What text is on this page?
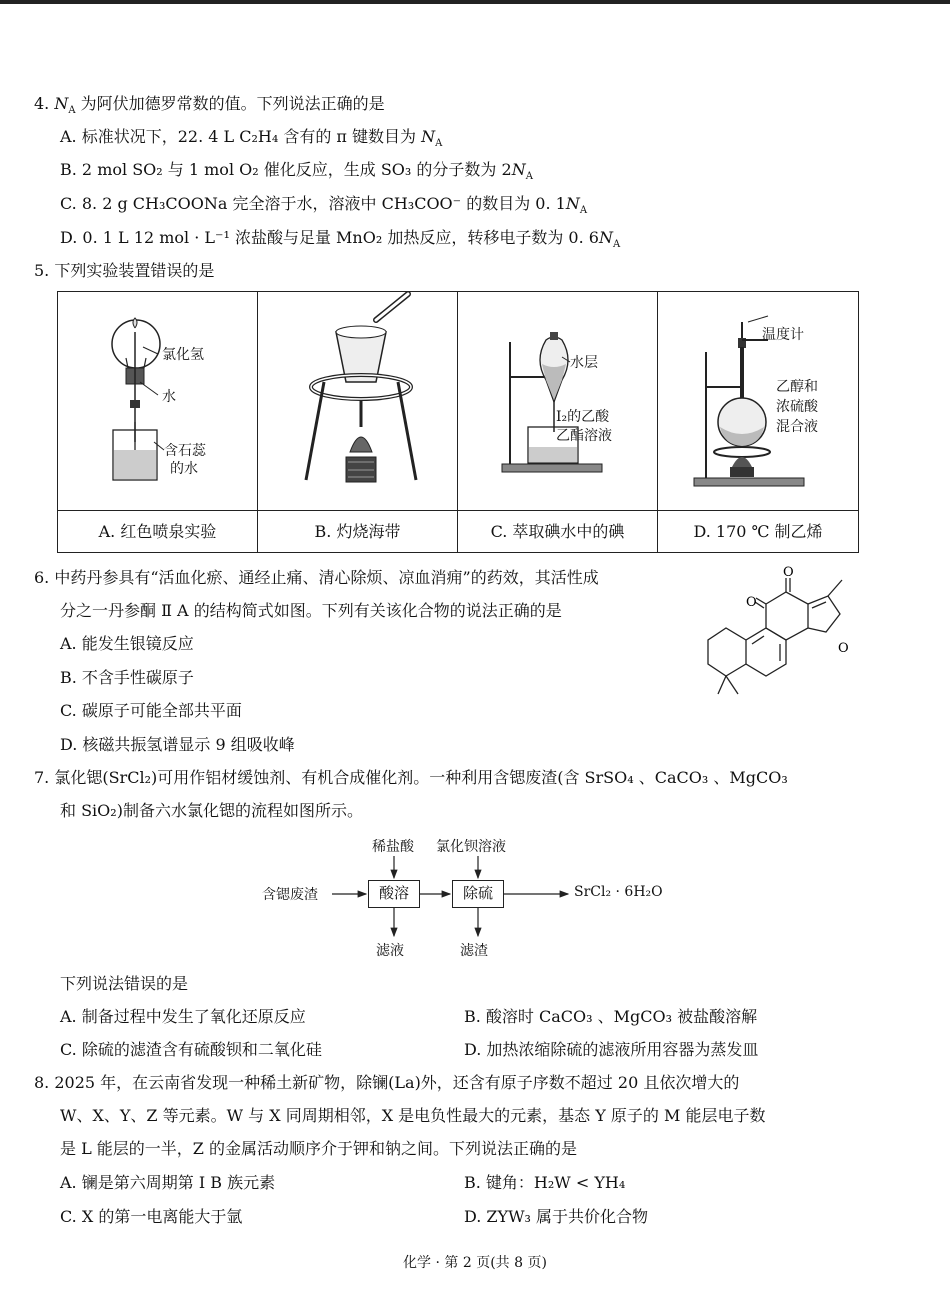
4. $N_A$ 为阿伏加德罗常数的值。下列说法正确的是
A. 标准状况下，22. 4 L C₂H₄ 含有的 π 键数目为 $N_A$
B. 2 mol SO₂ 与 1 mol O₂ 催化反应，生成 SO₃ 的分子数为 $2N_A$
C. 8. 2 g CH₃COONa 完全溶于水，溶液中 CH₃COO⁻ 的数目为 0. $1N_A$
D. 0. 1 L 12 mol · L⁻¹ 浓盐酸与足量 MnO₂ 加热反应，转移电子数为 0. $6N_A$
5. 下列实验装置错误的是
氯化氢
水
含石蕊
的水
水层
I₂的乙酸
乙酯溶液
温度计
乙醇和
浓硫酸
混合液
A. 红色喷泉实验	B. 灼烧海带	C. 萃取碘水中的碘	D. 170 ℃ 制乙烯
6. 中药丹参具有“活血化瘀、通经止痛、清心除烦、凉血消痈”的药效，其活性成
分之一丹参酮 Ⅱ A 的结构简式如图。下列有关该化合物的说法正确的是
A. 能发生银镜反应
B. 不含手性碳原子
C. 碳原子可能全部共平面
D. 核磁共振氢谱显示 9 组吸收峰
O
O
O
7. 氯化锶(SrCl₂)可用作铝材缓蚀剂、有机合成催化剂。一种利用含锶废渣(含 SrSO₄ 、CaCO₃ 、MgCO₃
和 SiO₂)制备六水氯化锶的流程如图所示。
稀盐酸 氯化钡溶液
含锶废渣	酸溶	除硫	SrCl₂ · 6H₂O
滤液	滤渣
下列说法错误的是
A. 制备过程中发生了氧化还原反应	B. 酸溶时 CaCO₃ 、MgCO₃ 被盐酸溶解
C. 除硫的滤渣含有硫酸钡和二氧化硅	D. 加热浓缩除硫的滤液所用容器为蒸发皿
8. 2025 年，在云南省发现一种稀土新矿物，除镧(La)外，还含有原子序数不超过 20 且依次增大的
W、X、Y、Z 等元素。W 与 X 同周期相邻，X 是电负性最大的元素，基态 Y 原子的 M 能层电子数
是 L 能层的一半，Z 的金属活动顺序介于钾和钠之间。下列说法正确的是
A. 镧是第六周期第 Ⅰ B 族元素	B. 键角：H₂W < YH₄
C. X 的第一电离能大于氩	D. ZYW₃ 属于共价化合物
化学 · 第 2 页(共 8 页)
